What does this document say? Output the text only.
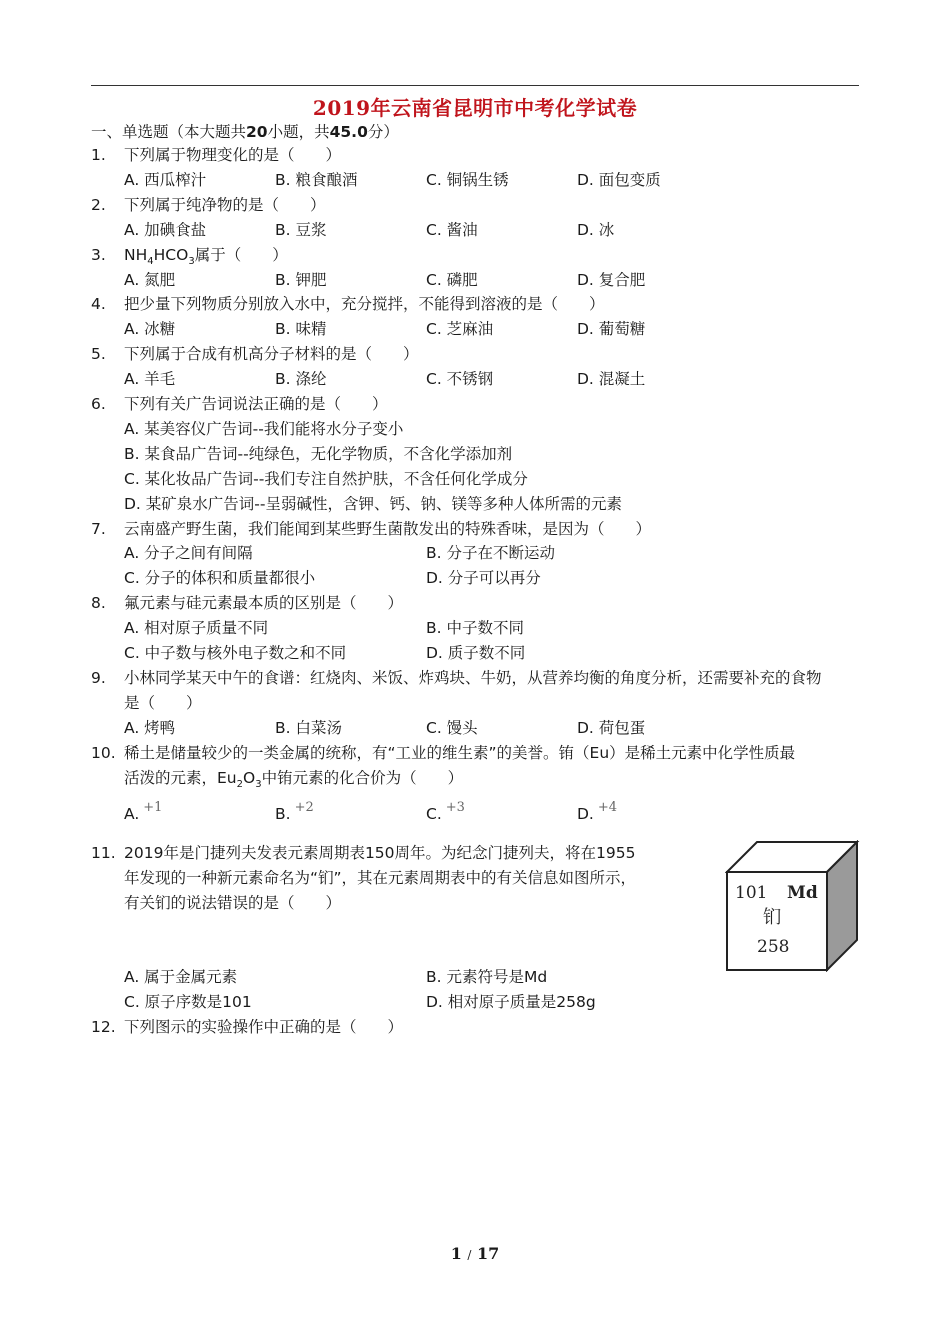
2019年云南省昆明市中考化学试卷
一、单选题（本大题共20小题，共45.0分）
1. 下列属于物理变化的是（　　）
A. 西瓜榨汁	B. 粮食酿酒	C. 铜锅生锈	D. 面包变质
2. 下列属于纯净物的是（　　）
A. 加碘食盐	B. 豆浆	C. 酱油	D. 冰
3. $NH_4HCO_3$属于（　　）
A. 氮肥	B. 钾肥	C. 磷肥	D. 复合肥
4. 把少量下列物质分别放入水中，充分搅拌，不能得到溶液的是（　　）
A. 冰糖	B. 味精	C. 芝麻油	D. 葡萄糖
5. 下列属于合成有机高分子材料的是（　　）
A. 羊毛	B. 涤纶	C. 不锈钢	D. 混凝土
6. 下列有关广告词说法正确的是（　　）
A. 某美容仪广告词--我们能将水分子变小
B. 某食品广告词--纯绿色，无化学物质，不含化学添加剂
C. 某化妆品广告词--我们专注自然护肤，不含任何化学成分
D. 某矿泉水广告词--呈弱碱性，含钾、钙、钠、镁等多种人体所需的元素
7. 云南盛产野生菌，我们能闻到某些野生菌散发出的特殊香味，是因为（　　）
A. 分子之间有间隔	B. 分子在不断运动
C. 分子的体积和质量都很小	D. 分子可以再分
8. 氟元素与硅元素最本质的区别是（　　）
A. 相对原子质量不同	B. 中子数不同
C. 中子数与核外电子数之和不同	D. 质子数不同
9. 小林同学某天中午的食谱：红烧肉、米饭、炸鸡块、牛奶，从营养均衡的角度分析，还需要补充的食物
是（　　）
A. 烤鸭	B. 白菜汤	C. 馒头	D. 荷包蛋
10. 稀土是储量较少的一类金属的统称，有“工业的维生素”的美誉。铕（Eu）是稀土元素中化学性质最
活泼的元素，$Eu_2O_3$中铕元素的化合价为（　　）
A. $^{+1}$	B. $^{+2}$	C. $^{+3}$	D. $^{+4}$
11. 2019年是门捷列夫发表元素周期表150周年。为纪念门捷列夫，将在1955
年发现的一种新元素命名为“钔”，其在元素周期表中的有关信息如图所示，
有关钔的说法错误的是（　　）	101 Md
钔
258
A. 属于金属元素	B. 元素符号是Md
C. 原子序数是101	D. 相对原子质量是258g
12. 下列图示的实验操作中正确的是（　　）
1 / 17
